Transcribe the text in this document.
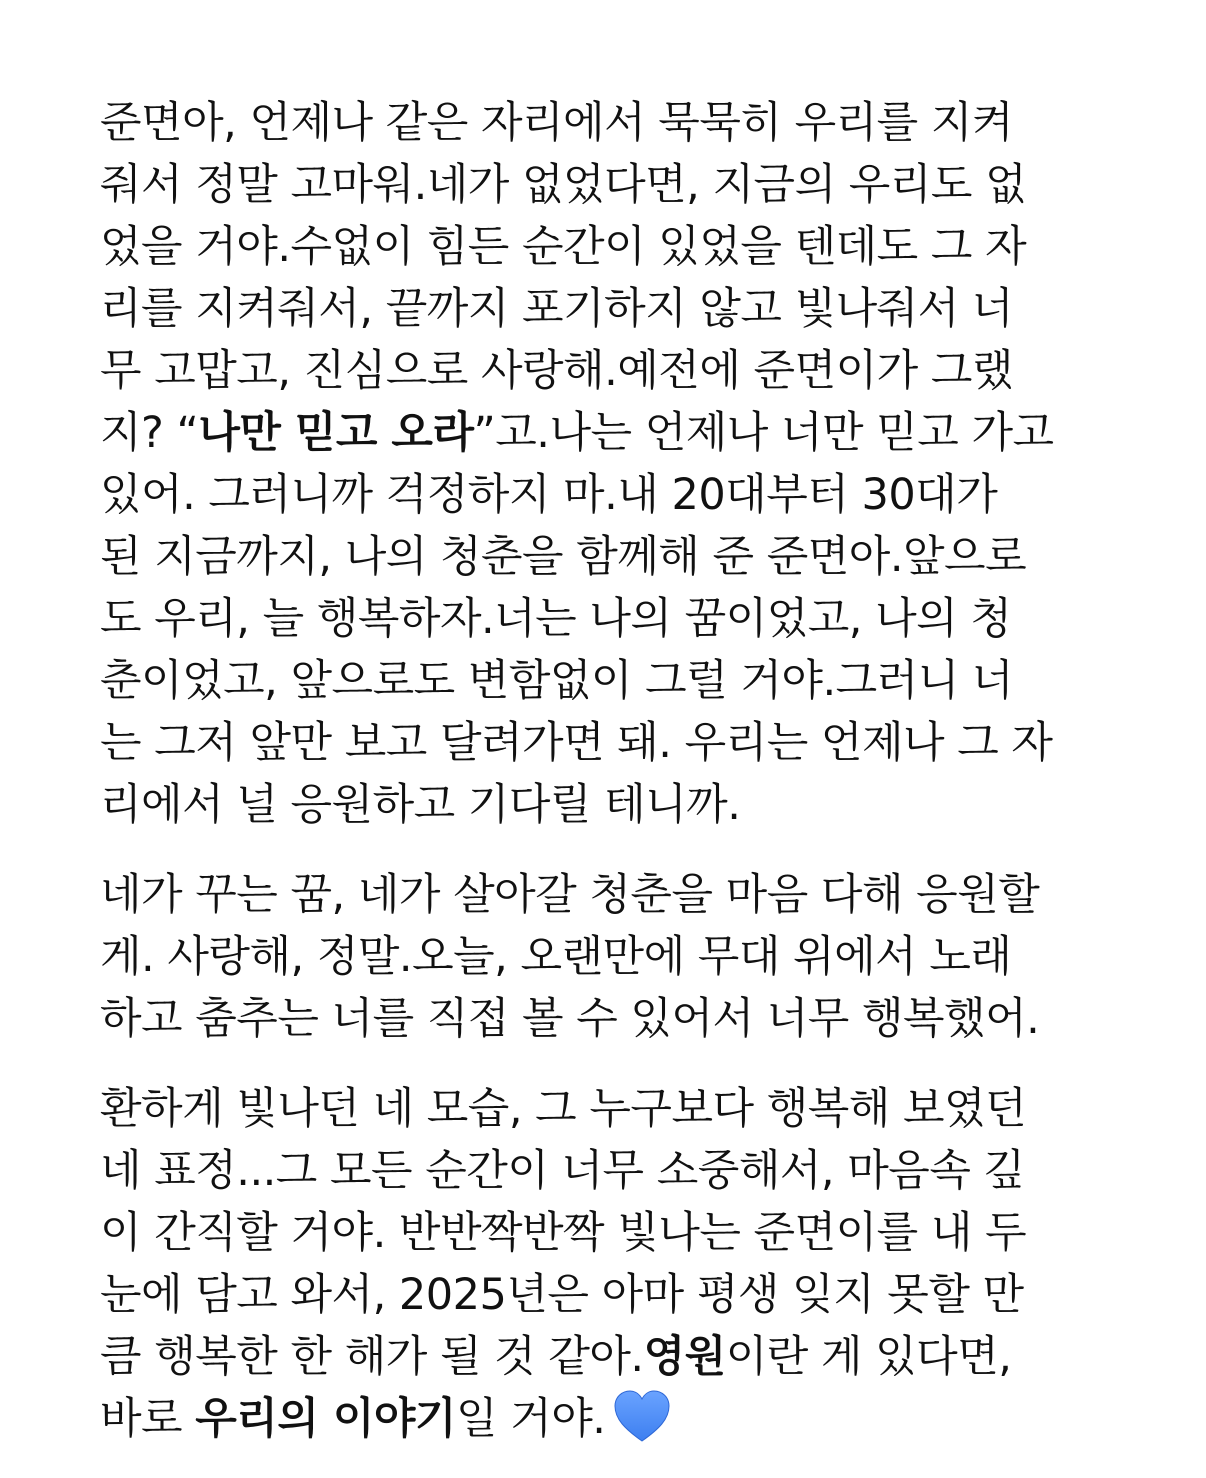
준면아, 언제나 같은 자리에서 묵묵히 우리를 지켜
줘서 정말 고마워.네가 없었다면, 지금의 우리도 없
었을 거야.수없이 힘든 순간이 있었을 텐데도 그 자
리를 지켜줘서, 끝까지 포기하지 않고 빛나줘서 너
무 고맙고, 진심으로 사랑해.예전에 준면이가 그랬
지? “나만 믿고 오라”고.나는 언제나 너만 믿고 가고
있어. 그러니까 걱정하지 마.내 20대부터 30대가
된 지금까지, 나의 청춘을 함께해 준 준면아.앞으로
도 우리, 늘 행복하자.너는 나의 꿈이었고, 나의 청
춘이었고, 앞으로도 변함없이 그럴 거야.그러니 너
는 그저 앞만 보고 달려가면 돼. 우리는 언제나 그 자
리에서 널 응원하고 기다릴 테니까.
네가 꾸는 꿈, 네가 살아갈 청춘을 마음 다해 응원할
게. 사랑해, 정말.오늘, 오랜만에 무대 위에서 노래
하고 춤추는 너를 직접 볼 수 있어서 너무 행복했어.
환하게 빛나던 네 모습, 그 누구보다 행복해 보였던
네 표정...그 모든 순간이 너무 소중해서, 마음속 깊
이 간직할 거야. 반반짝반짝 빛나는 준면이를 내 두
눈에 담고 와서, 2025년은 아마 평생 잊지 못할 만
큼 행복한 한 해가 될 것 같아.영원이란 게 있다면,
바로 우리의 이야기일 거야.
